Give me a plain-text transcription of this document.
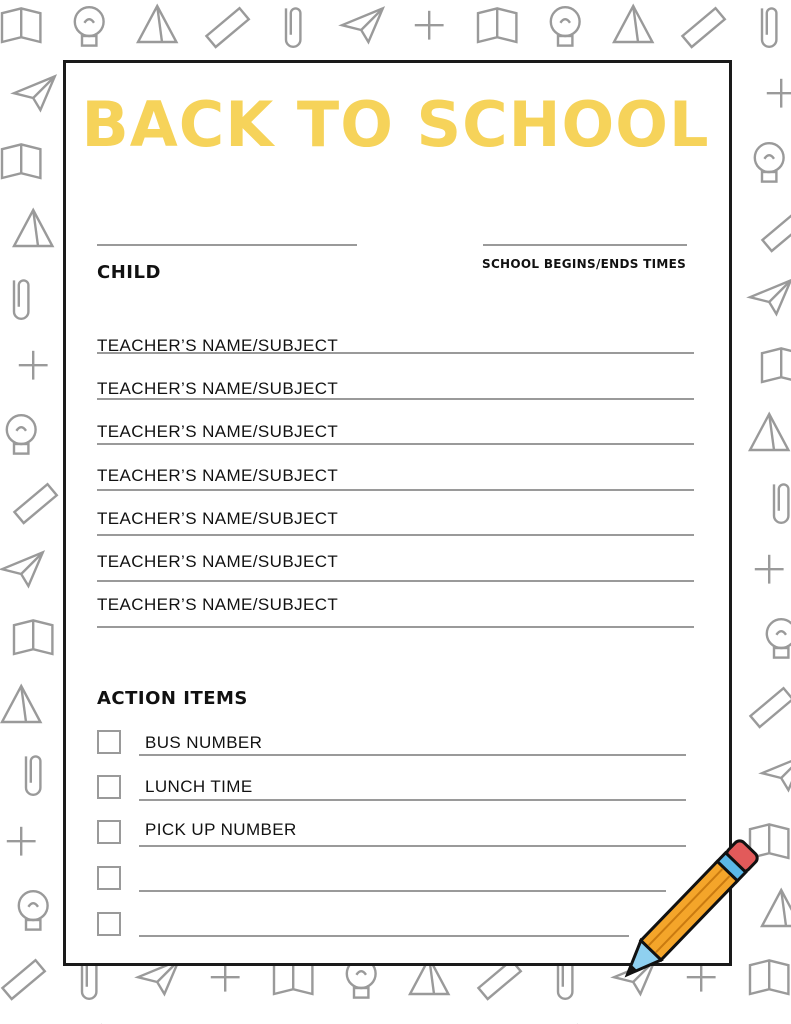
BACK TO SCHOOL
CHILD	SCHOOL BEGINS/ENDS TIMES
TEACHER’S NAME/SUBJECT
TEACHER’S NAME/SUBJECT
TEACHER’S NAME/SUBJECT
TEACHER’S NAME/SUBJECT
TEACHER’S NAME/SUBJECT
TEACHER’S NAME/SUBJECT
TEACHER’S NAME/SUBJECT
ACTION ITEMS
BUS NUMBER
LUNCH TIME
PICK UP NUMBER
